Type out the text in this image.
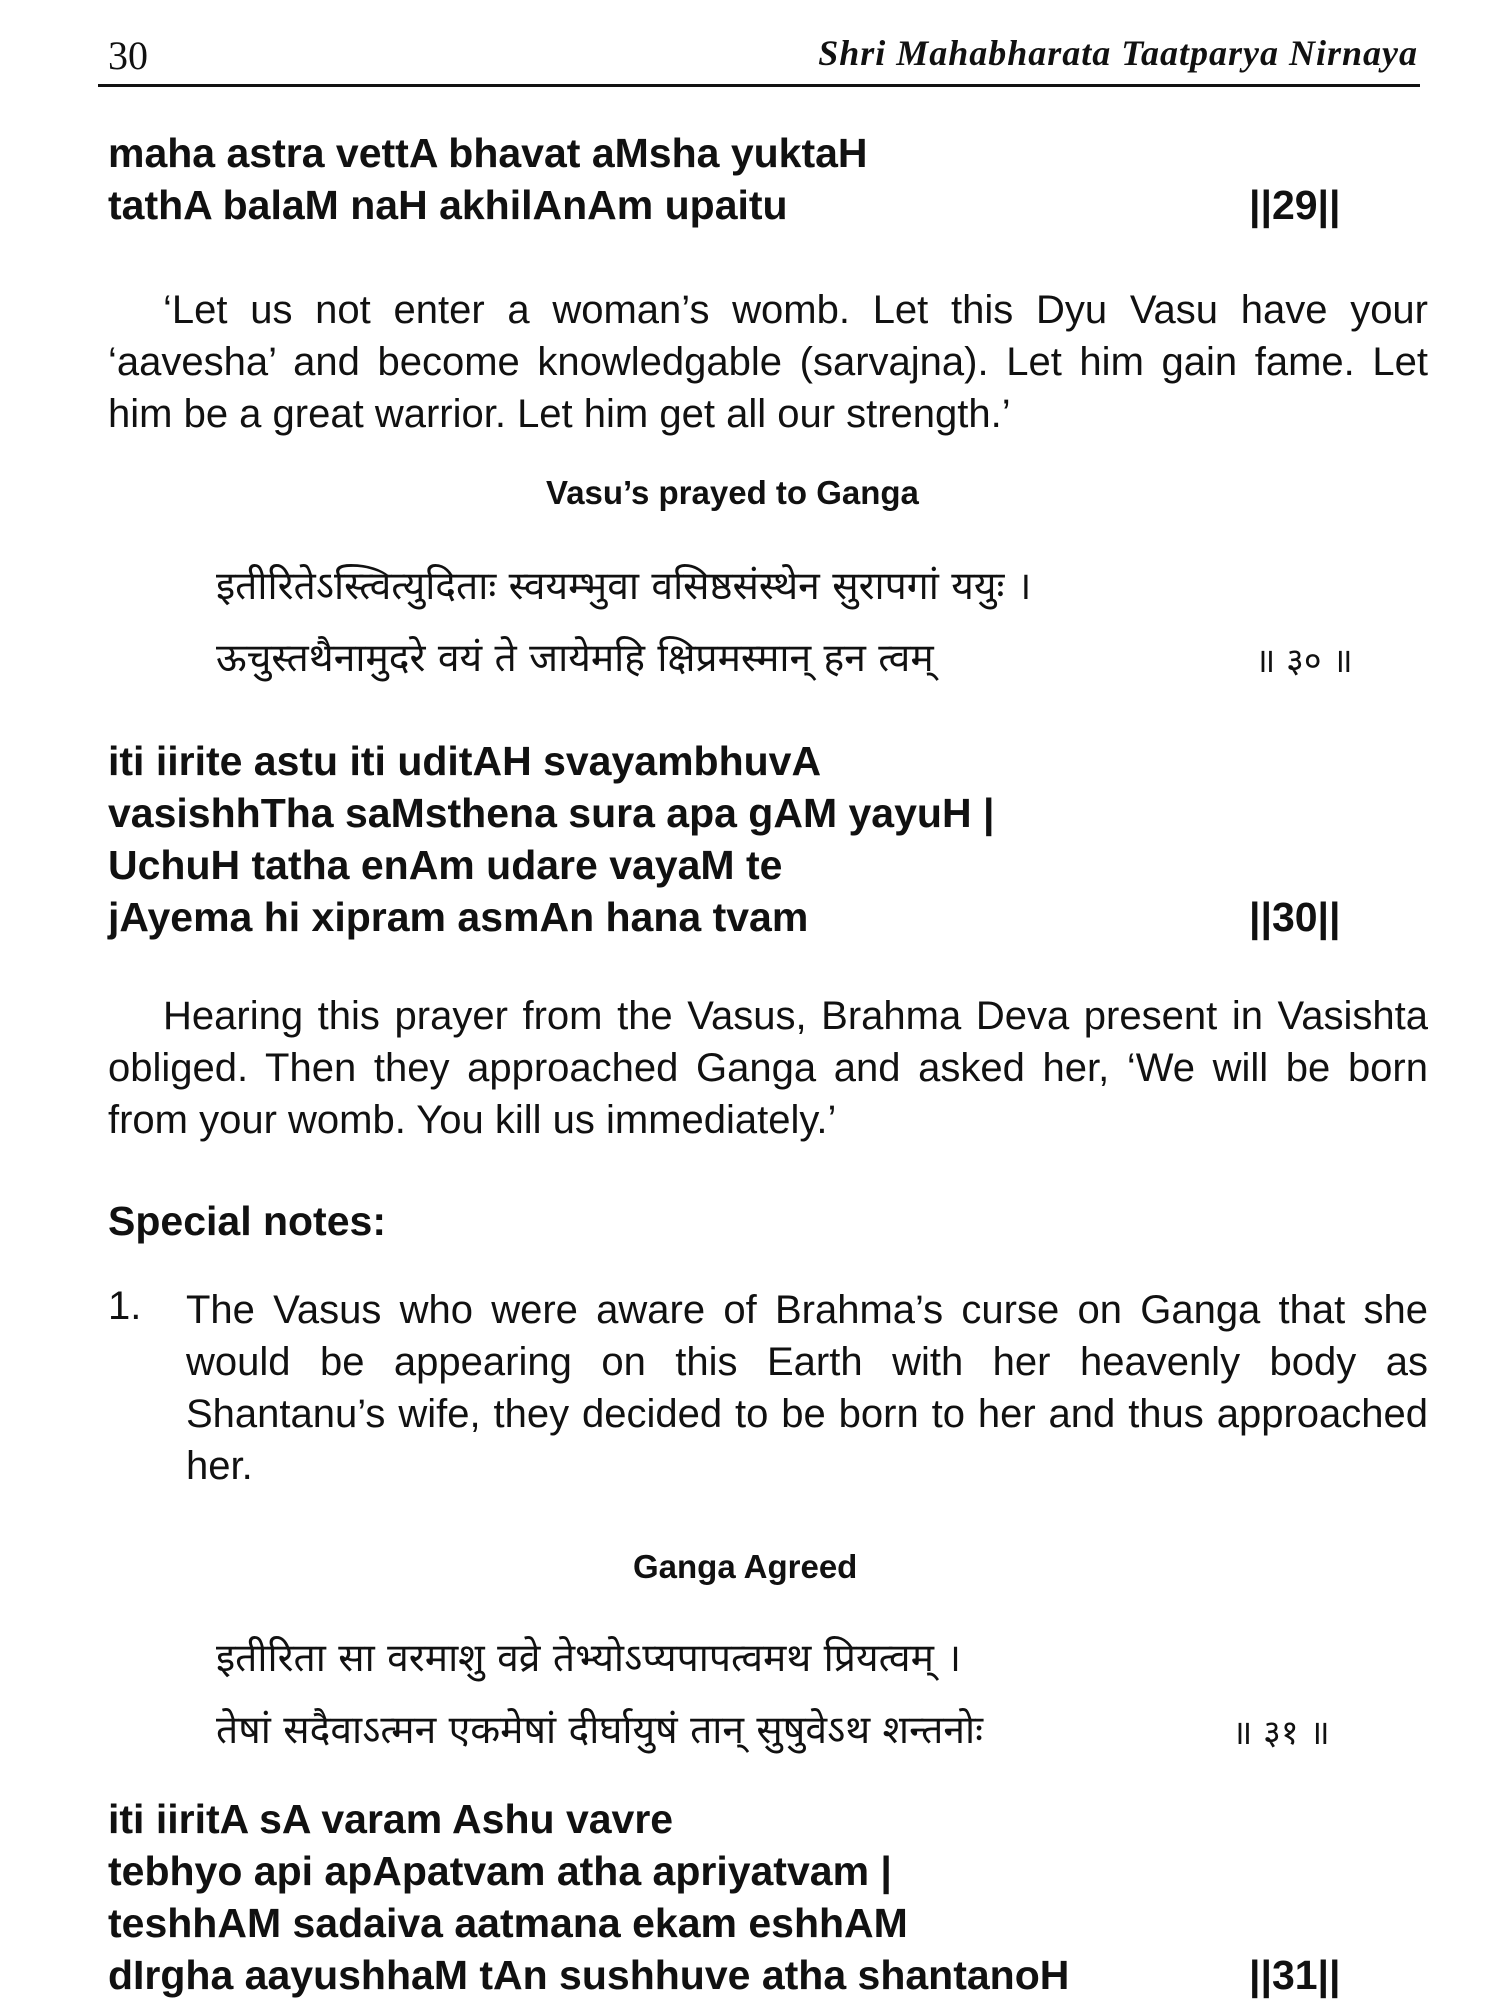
30	Shri Mahabharata Taatparya Nirnaya
maha astra vettA bhavat aMsha yuktaH
tathA balaM naH akhilAnAm upaitu	||29||
‘Let us not enter a woman’s womb. Let this Dyu Vasu have your ‘aavesha’ and become knowledgable (sarvajna). Let him gain fame. Let him be a great warrior. Let him get all our strength.’
Vasu’s prayed to Ganga
इतीरितेऽस्त्वित्युदिताः स्वयम्भुवा वसिष्ठसंस्थेन सुरापगां ययुः ।
ऊचुस्तथैनामुदरे वयं ते जायेमहि क्षिप्रमस्मान् हन त्वम्	॥ ३० ॥
iti iirite astu iti uditAH svayambhuvA
vasishhTha saMsthena sura apa gAM yayuH |
UchuH tatha enAm udare vayaM te
jAyema hi xipram asmAn hana tvam	||30||
Hearing this prayer from the Vasus, Brahma Deva present in Vasishta obliged. Then they approached Ganga and asked her, ‘We will be born from your womb. You kill us immediately.’
Special notes:
1. The Vasus who were aware of Brahma’s curse on Ganga that she would be appearing on this Earth with her heavenly body as Shantanu’s wife, they decided to be born to her and thus approached her.
Ganga Agreed
इतीरिता सा वरमाशु वव्रे तेभ्योऽप्यपापत्वमथ प्रियत्वम् ।
तेषां सदैवाऽत्मन एकमेषां दीर्घायुषं तान् सुषुवेऽथ शन्तनोः	॥ ३१ ॥
iti iiritA sA varam Ashu vavre
tebhyo api apApatvam atha apriyatvam |
teshhAM sadaiva aatmana ekam eshhAM
dIrgha aayushhaM tAn sushhuve atha shantanoH	||31||
